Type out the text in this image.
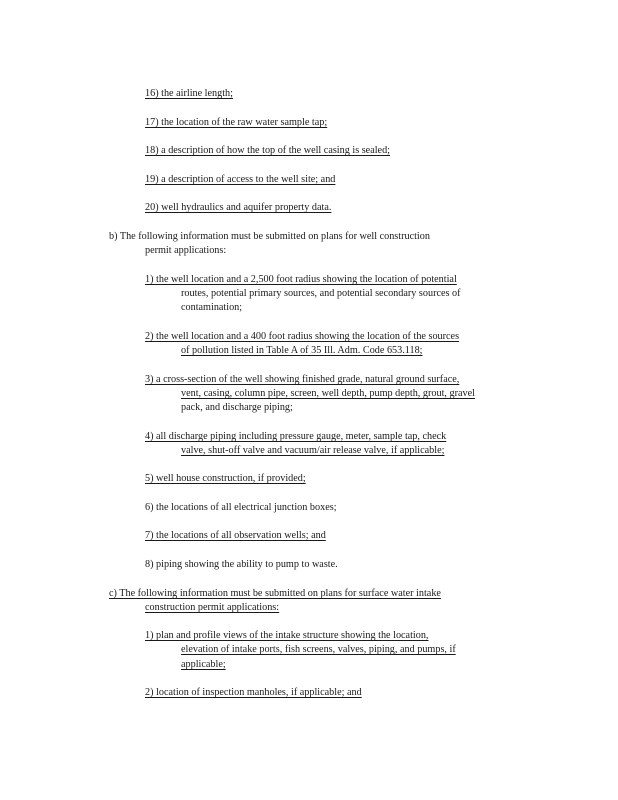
16) the airline length;
17) the location of the raw water sample tap;
18) a description of how the top of the well casing is sealed;
19) a description of access to the well site; and
20) well hydraulics and aquifer property data.
b) The following information must be submitted on plans for well construction
permit applications:
1) the well location and a 2,500 foot radius showing the location of potential
routes, potential primary sources, and potential secondary sources of
contamination;
2) the well location and a 400 foot radius showing the location of the sources
of pollution listed in Table A of 35 Ill. Adm. Code 653.118;
3) a cross-section of the well showing finished grade, natural ground surface,
vent, casing, column pipe, screen, well depth, pump depth, grout, gravel
pack, and discharge piping;
4) all discharge piping including pressure gauge, meter, sample tap, check
valve, shut-off valve and vacuum/air release valve, if applicable;
5) well house construction, if provided;
6) the locations of all electrical junction boxes;
7) the locations of all observation wells; and
8) piping showing the ability to pump to waste.
c) The following information must be submitted on plans for surface water intake
construction permit applications:
1) plan and profile views of the intake structure showing the location,
elevation of intake ports, fish screens, valves, piping, and pumps, if
applicable;
2) location of inspection manholes, if applicable; and
